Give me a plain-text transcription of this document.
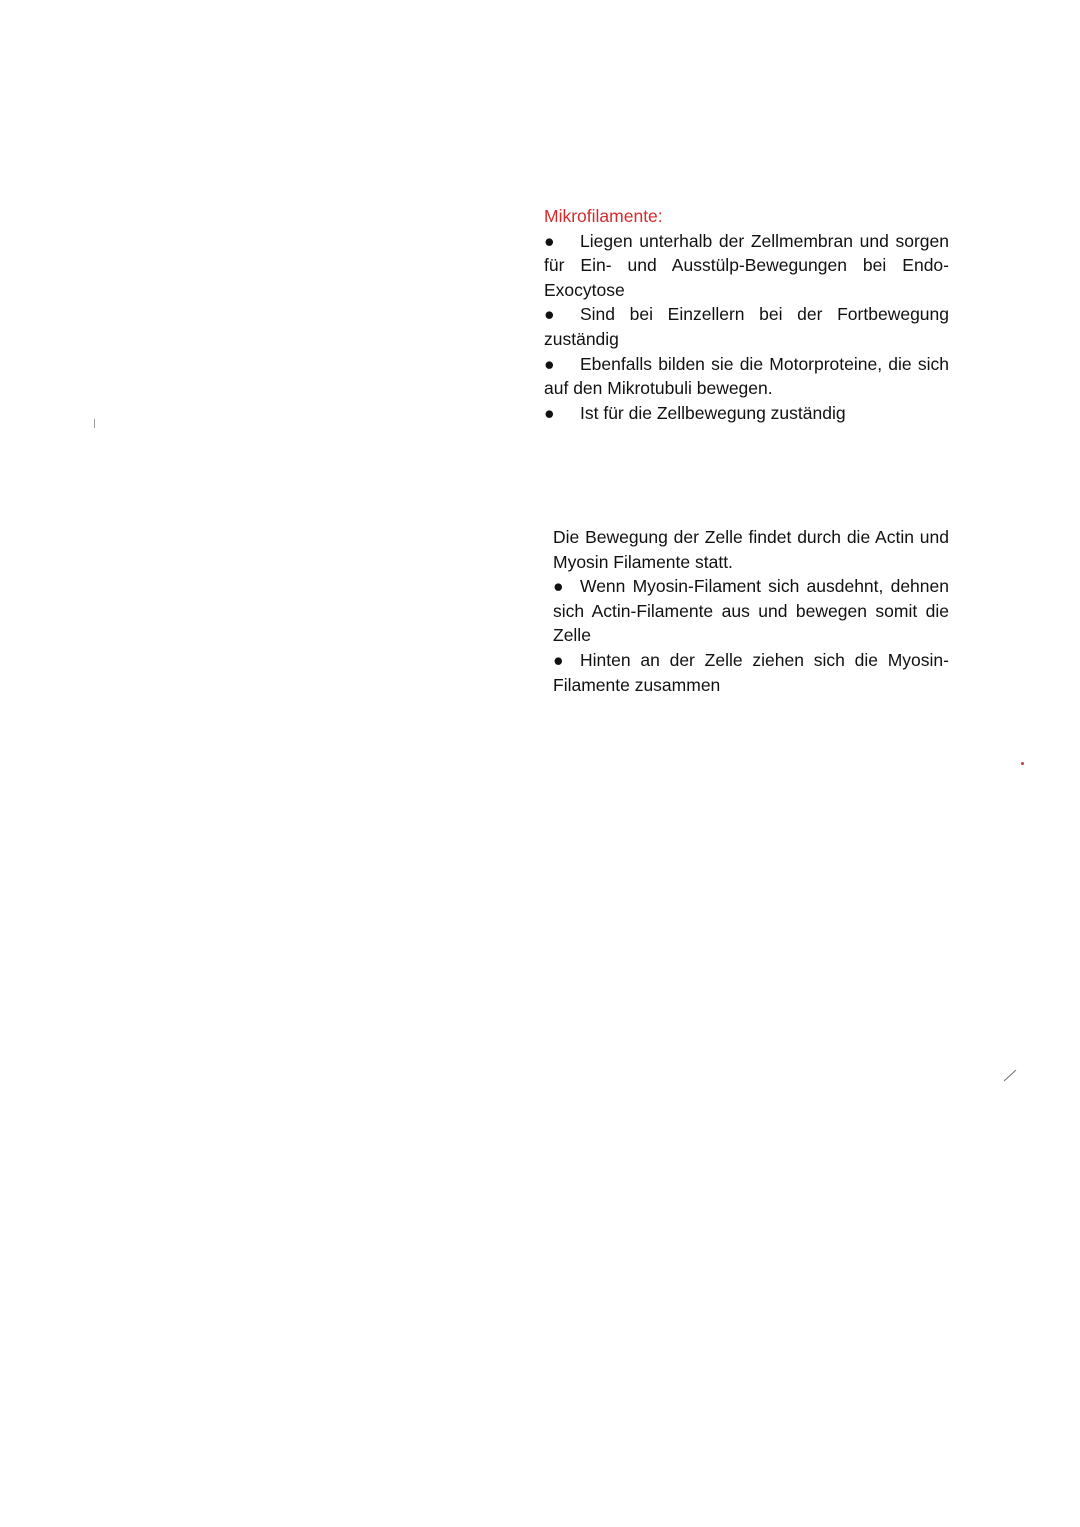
Mikrofilamente:

● Liegen unterhalb der Zellmembran und sorgen für Ein- und Ausstülp-Bewegungen bei Endo- Exocytose

● Sind bei Einzellern bei der Fortbewegung zuständig

● Ebenfalls bilden sie die Motorproteine, die sich auf den Mikrotubuli bewegen.

● Ist für die Zellbewegung zuständig

Die Bewegung der Zelle findet durch die Actin und Myosin Filamente statt.

● Wenn Myosin-Filament sich ausdehnt, dehnen sich Actin-Filamente aus und bewegen somit die Zelle

● Hinten an der Zelle ziehen sich die Myosin-Filamente zusammen
